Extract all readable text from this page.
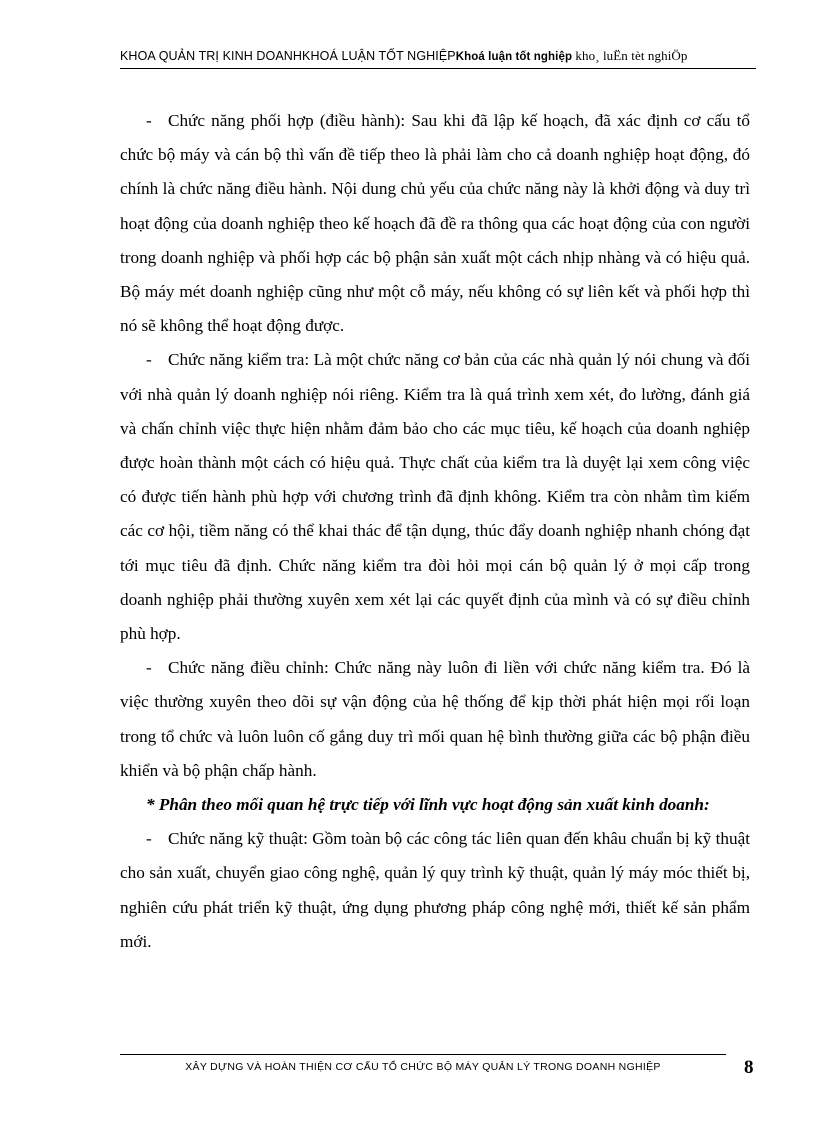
KHOA QUẢN TRỊ KINH DOANHKHOÁ LUẬN TỐT NGHIỆPKhoá luận tốt nghiệp kho¸ luËn tèt nghiÖp

- Chức năng phối hợp (điều hành): Sau khi đã lập kế hoạch, đã xác định cơ cấu tổ chức bộ máy và cán bộ thì vấn đề tiếp theo là phải làm cho cả doanh nghiệp hoạt động, đó chính là chức năng điều hành. Nội dung chủ yếu của chức năng này là khởi động và duy trì hoạt động của doanh nghiệp theo kế hoạch đã đề ra thông qua các hoạt động của con người trong doanh nghiệp và phối hợp các bộ phận sản xuất một cách nhịp nhàng và có hiệu quả. Bộ máy mét doanh nghiệp cũng như một cỗ máy, nếu không có sự liên kết và phối hợp thì nó sẽ không thể hoạt động được.

- Chức năng kiểm tra: Là một chức năng cơ bản của các nhà quản lý nói chung và đối với nhà quản lý doanh nghiệp nói riêng. Kiểm tra là quá trình xem xét, đo lường, đánh giá và chấn chỉnh việc thực hiện nhằm đảm bảo cho các mục tiêu, kế hoạch của doanh nghiệp được hoàn thành một cách có hiệu quả. Thực chất của kiểm tra là duyệt lại xem công việc có được tiến hành phù hợp với chương trình đã định không. Kiểm tra còn nhằm tìm kiếm các cơ hội, tiềm năng có thể khai thác để tận dụng, thúc đẩy doanh nghiệp nhanh chóng đạt tới mục tiêu đã định. Chức năng kiểm tra đòi hỏi mọi cán bộ quản lý ở mọi cấp trong doanh nghiệp phải thường xuyên xem xét lại các quyết định của mình và có sự điều chỉnh phù hợp.

- Chức năng điều chỉnh: Chức năng này luôn đi liền với chức năng kiểm tra. Đó là việc thường xuyên theo dõi sự vận động của hệ thống để kịp thời phát hiện mọi rối loạn trong tổ chức và luôn luôn cố gắng duy trì mối quan hệ bình thường giữa các bộ phận điều khiển và bộ phận chấp hành.

* Phân theo mối quan hệ trực tiếp với lĩnh vực hoạt động sản xuất kinh doanh:

- Chức năng kỹ thuật: Gồm toàn bộ các công tác liên quan đến khâu chuẩn bị kỹ thuật cho sản xuất, chuyển giao công nghệ, quản lý quy trình kỹ thuật, quản lý máy móc thiết bị, nghiên cứu phát triển kỹ thuật, ứng dụng phương pháp công nghệ mới, thiết kế sản phẩm mới.

XÂY DỰNG VÀ HOÀN THIỆN CƠ CẤU TỔ CHỨC BỘ MÁY QUẢN LÝ TRONG DOANH NGHIỆP	8
